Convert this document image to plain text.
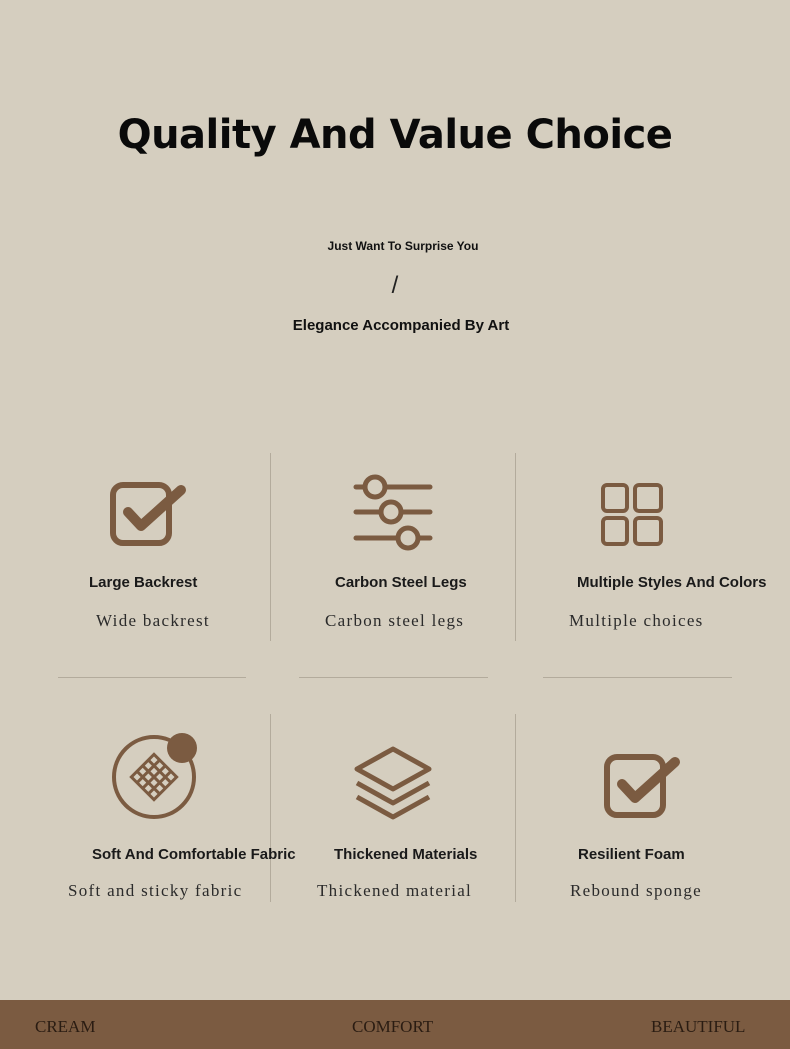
Quality And Value Choice
Just Want To Surprise You
/
Elegance Accompanied By Art
Large Backrest
Wide backrest
Carbon Steel Legs
Carbon steel legs
Multiple Styles And Colors
Multiple choices
Soft And Comfortable Fabric
Soft and sticky fabric
Thickened Materials
Thickened material
Resilient Foam
Rebound sponge
CREAM	COMFORT	BEAUTIFUL
